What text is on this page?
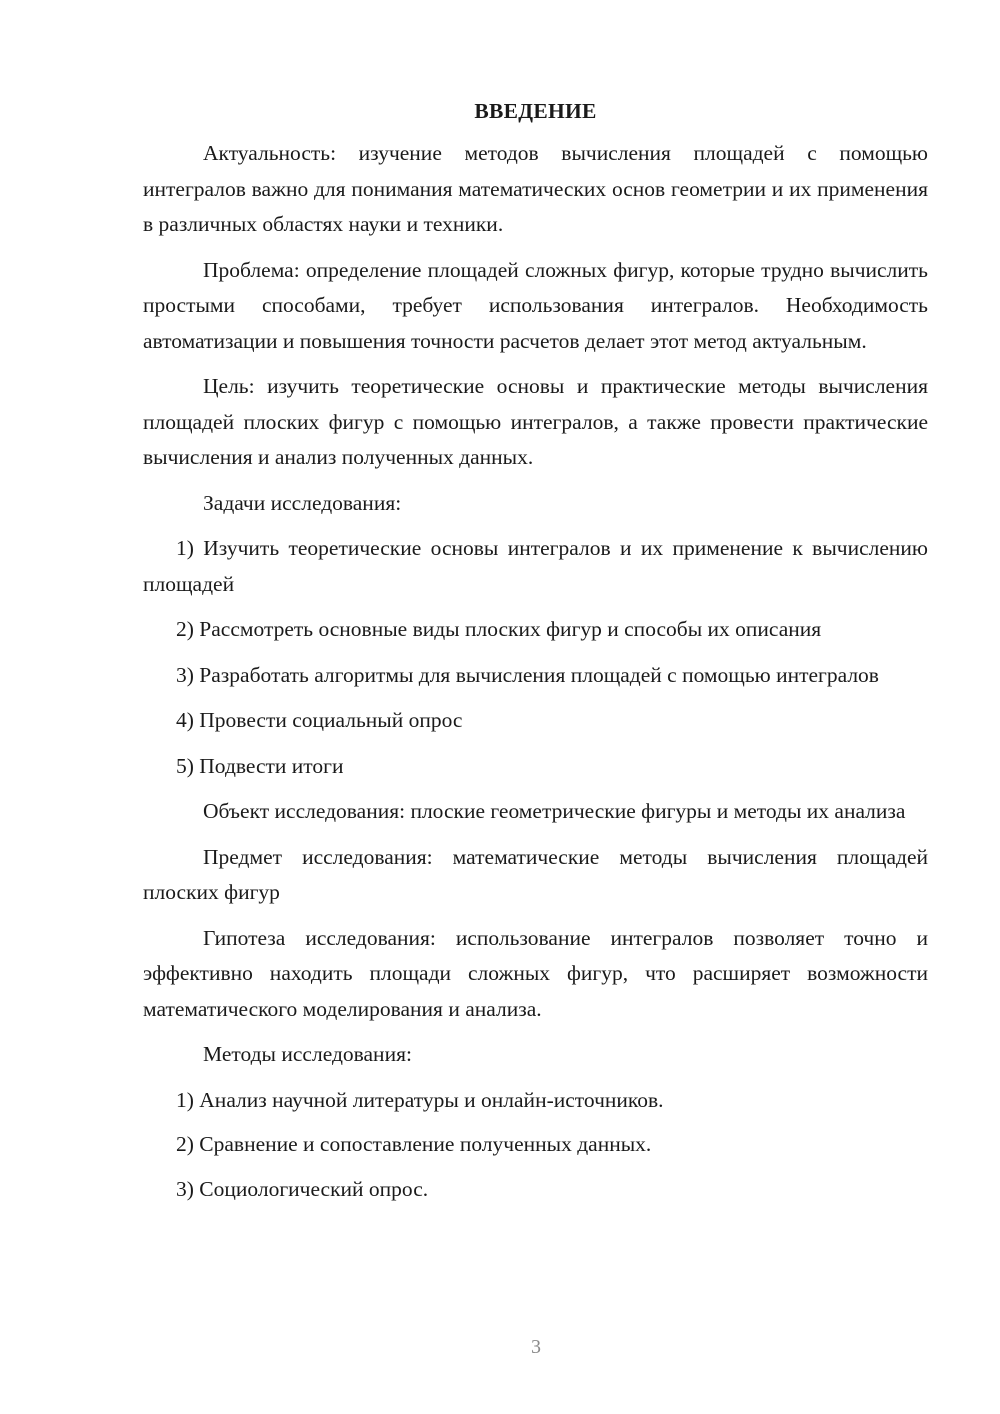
ВВЕДЕНИЕ

Актуальность: изучение методов вычисления площадей с помощью интегралов важно для понимания математических основ геометрии и их применения в различных областях науки и техники.

Проблема: определение площадей сложных фигур, которые трудно вычислить простыми способами, требует использования интегралов. Необходимость автоматизации и повышения точности расчетов делает этот метод актуальным.

Цель: изучить теоретические основы и практические методы вычисления площадей плоских фигур с помощью интегралов, а также провести практические вычисления и анализ полученных данных.

Задачи исследования:

1) Изучить теоретические основы интегралов и их применение к вычислению площадей

2) Рассмотреть основные виды плоских фигур и способы их описания

3) Разработать алгоритмы для вычисления площадей с помощью интегралов

4) Провести социальный опрос

5) Подвести итоги

Объект исследования: плоские геометрические фигуры и методы их анализа

Предмет исследования: математические методы вычисления площадей плоских фигур

Гипотеза исследования: использование интегралов позволяет точно и эффективно находить площади сложных фигур, что расширяет возможности математического моделирования и анализа.

Методы исследования:

1) Анализ научной литературы и онлайн-источников.

2) Сравнение и сопоставление полученных данных.

3) Социологический опрос.

3
